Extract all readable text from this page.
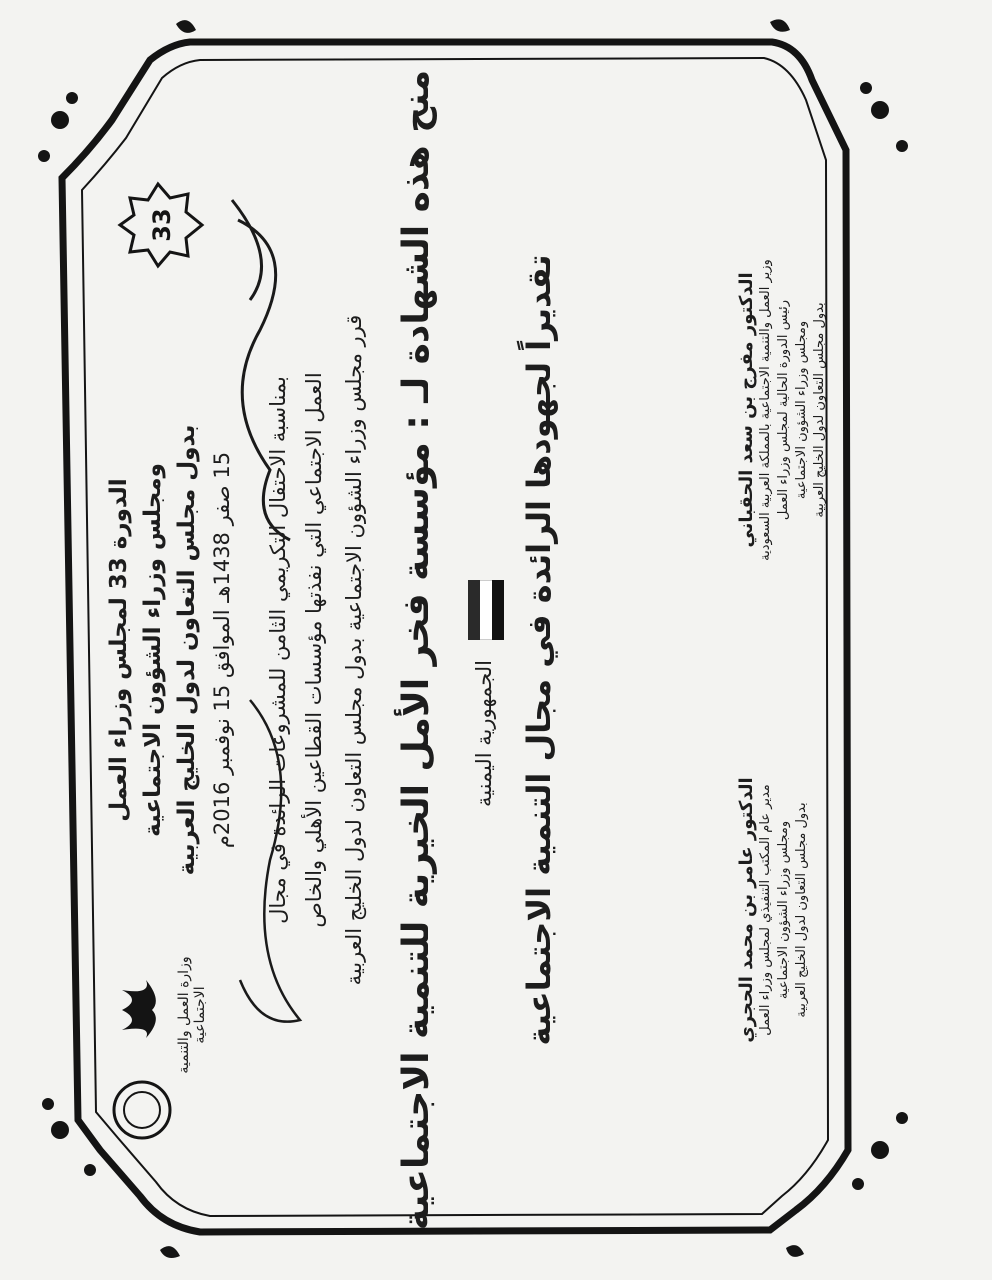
الدورة 33 لمجلس وزراء العمل ومجلس وزراء الشؤون الاجتماعية بدول مجلس التعاون لدول الخليج العربية 15 صفر 1438هـ الموافق 15 نوفمبر 2016م
33
وزارة العمل والتنمية الاجتماعية
بمناسبة الاحتفال التكريمي الثامن للمشروعات الرائدة في مجال العمل الاجتماعي التي نفذتها مؤسسات القطاعين الأهلي والخاص قرر مجلس وزراء الشؤون الاجتماعية بدول مجلس التعاون لدول الخليج العربية منح هذه الشهادة لـ : مؤسسة فخر الأمل الخيرية للتنمية الاجتماعية الجمهورية اليمنية تقديراً لجهودها الرائدة في مجال التنمية الاجتماعية	الدكتور مفرج بن سعد الحقباني وزير العمل والتنمية الاجتماعية بالمملكة العربية السعودية رئيس الدورة الحالية لمجلس وزراء العمل ومجلس وزراء الشؤون الاجتماعية بدول مجلس التعاون لدول الخليج العربية
الدكتور عامر بن محمد الحجري مدير عام المكتب التنفيذي لمجلس وزراء العمل ومجلس وزراء الشؤون الاجتماعية بدول مجلس التعاون لدول الخليج العربية
